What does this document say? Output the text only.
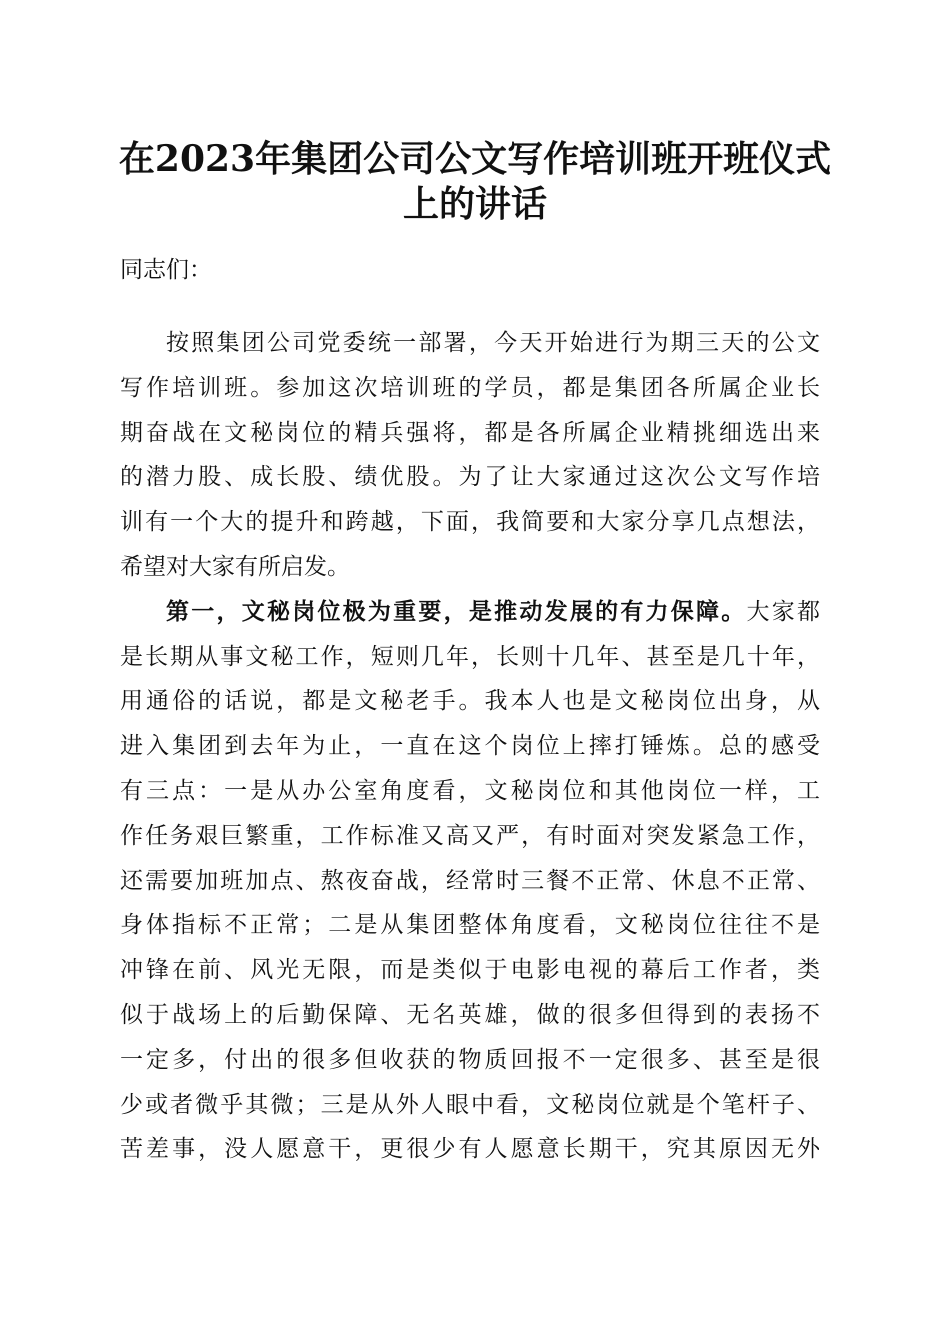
在2023年集团公司公文写作培训班开班仪式
上的讲话
同志们：
按照集团公司党委统一部署，今天开始进行为期三天的公文
写作培训班。参加这次培训班的学员，都是集团各所属企业长
期奋战在文秘岗位的精兵强将，都是各所属企业精挑细选出来
的潜力股、成长股、绩优股。为了让大家通过这次公文写作培
训有一个大的提升和跨越，下面，我简要和大家分享几点想法，
希望对大家有所启发。
第一，文秘岗位极为重要，是推动发展的有力保障。大家都
是长期从事文秘工作，短则几年，长则十几年、甚至是几十年，
用通俗的话说，都是文秘老手。我本人也是文秘岗位出身，从
进入集团到去年为止，一直在这个岗位上摔打锤炼。总的感受
有三点：一是从办公室角度看，文秘岗位和其他岗位一样，工
作任务艰巨繁重，工作标准又高又严，有时面对突发紧急工作，
还需要加班加点、熬夜奋战，经常时三餐不正常、休息不正常、
身体指标不正常；二是从集团整体角度看，文秘岗位往往不是
冲锋在前、风光无限，而是类似于电影电视的幕后工作者，类
似于战场上的后勤保障、无名英雄，做的很多但得到的表扬不
一定多，付出的很多但收获的物质回报不一定很多、甚至是很
少或者微乎其微；三是从外人眼中看，文秘岗位就是个笔杆子、
苦差事，没人愿意干，更很少有人愿意长期干，究其原因无外
